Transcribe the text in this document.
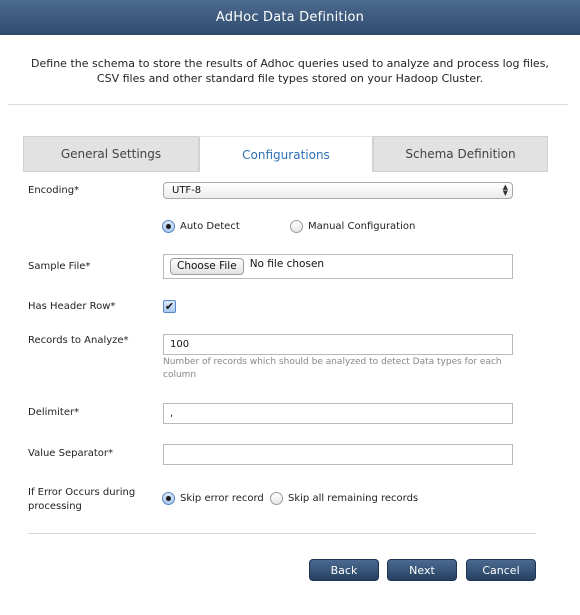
AdHoc Data Definition
Define the schema to store the results of Adhoc queries used to analyze and process log files, CSV files and other standard file types stored on your Hadoop Cluster.
General Settings	Configurations	Schema Definition
Encoding*	UTF-8	▲
▼
Auto Detect	Manual Configuration
Sample File*	Choose File	No file chosen
Has Header Row*	✔
Records to Analyze*	100
Number of records which should be analyzed to detect Data types for each column
Delimiter*	,
Value Separator*
If Error Occurs during processing
Skip error record Skip all remaining records
Back	Next	Cancel
